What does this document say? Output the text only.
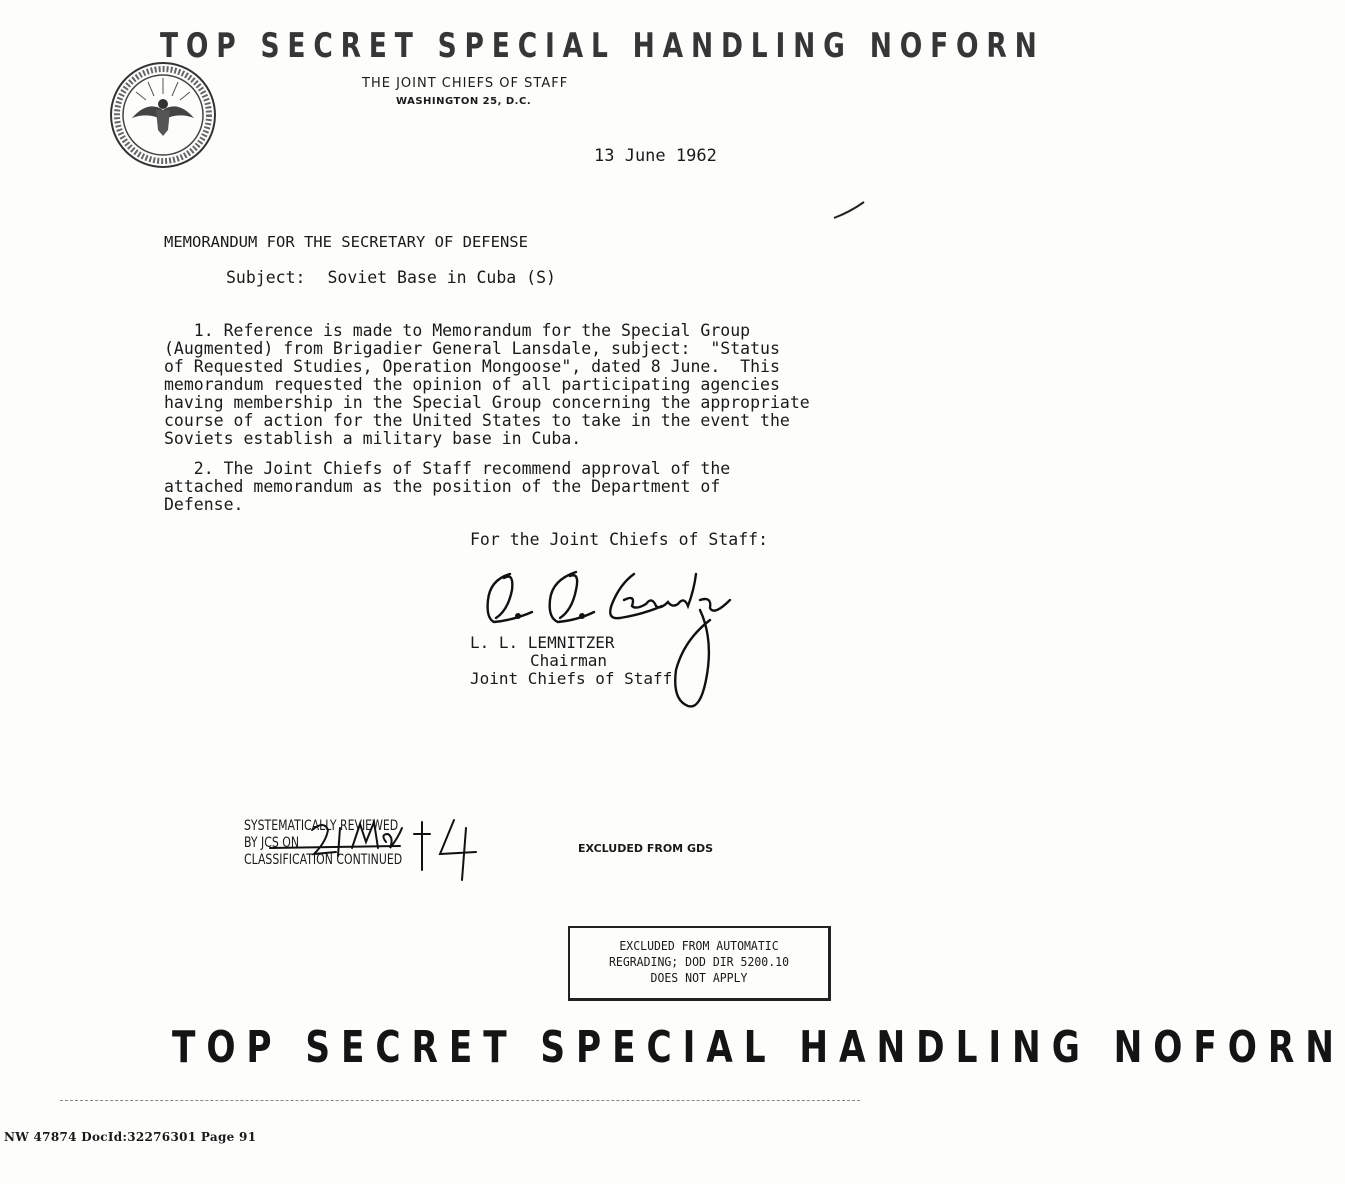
TOP SECRET SPECIAL HANDLING NOFORN
THE JOINT CHIEFS OF STAFF
WASHINGTON 25, D.C.
13 June 1962
MEMORANDUM FOR THE SECRETARY OF DEFENSE
Subject: Soviet Base in Cuba (S)
1. Reference is made to Memorandum for the Special Group
(Augmented) from Brigadier General Lansdale, subject:  "Status
of Requested Studies, Operation Mongoose", dated 8 June.  This
memorandum requested the opinion of all participating agencies
having membership in the Special Group concerning the appropriate
course of action for the United States to take in the event the
Soviets establish a military base in Cuba.
2. The Joint Chiefs of Staff recommend approval of the
attached memorandum as the position of the Department of
Defense.
For the Joint Chiefs of Staff:
L. L. LEMNITZER
Chairman
Joint Chiefs of Staff
SYSTEMATICALLY REVIEWED
BY JCS ON
CLASSIFICATION CONTINUED
EXCLUDED FROM GDS
EXCLUDED FROM AUTOMATIC
REGRADING; DOD DIR 5200.10
DOES NOT APPLY
TOP SECRET SPECIAL HANDLING NOFORN
NW 47874 DocId:32276301 Page 91
